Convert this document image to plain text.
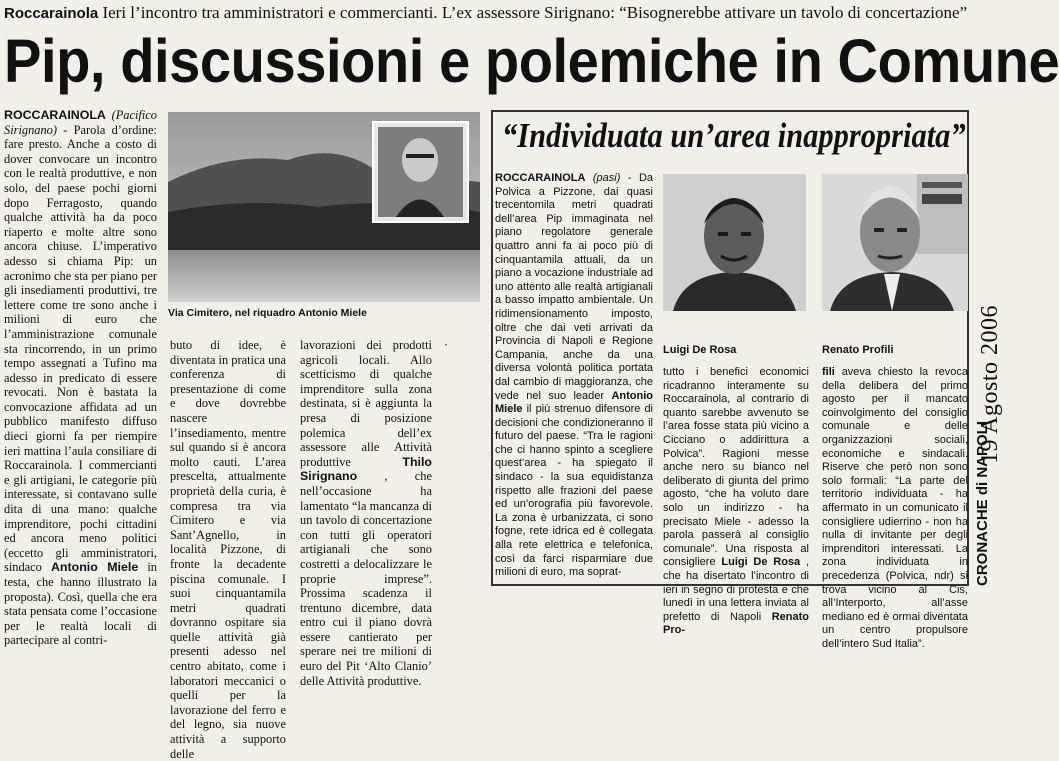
Roccarainola Ieri l’incontro tra amministratori e commercianti. L’ex assessore Sirignano: “Bisognerebbe attivare un tavolo di concertazione”
Pip, discussioni e polemiche in Comune
ROCCARAINOLA (Pacifico Sirignano) - Parola d’ordine: fare presto. Anche a costo di dover convocare un incontro con le realtà produttive, e non solo, del paese pochi giorni dopo Ferragosto, quando qualche attività ha da poco riaperto e molte altre sono ancora chiuse. L’imperativo adesso si chiama Pip: un acronimo che sta per piano per gli insediamenti produttivi, tre lettere come tre sono anche i milioni di euro che l’amministrazione comunale sta rincorrendo, in un primo tempo assegnati a Tufino ma adesso in predicato di essere revocati. Non è bastata la convocazione affidata ad un pubblico manifesto diffuso dieci giorni fa per riempire ieri mattina l’aula consiliare di Roccarainola. I commercianti e gli artigiani, le categorie più interessate, si contavano sulle dita di una mano: qualche imprenditore, pochi cittadini ed ancora meno politici (eccetto gli amministratori, sindaco Antonio Miele in testa, che hanno illustrato la proposta). Così, quella che era stata pensata come l’occasione per le realtà locali di partecipare al contri-
Via Cimitero, nel riquadro Antonio Miele
buto di idee, è diventata in pratica una conferenza di presentazione di come e dove dovrebbe nascere l’insediamento, mentre sul quando si è ancora molto cauti. L’area prescelta, attualmente proprietà della curia, è compresa tra via Cimitero e via Sant’Agnello, in località Pizzone, di fronte la decadente piscina comunale. I suoi cinquantamila metri quadrati dovranno ospitare sia quelle attività già presenti adesso nel centro abitato, come i laboratori meccanici o quelli per la lavorazione del ferro e del legno, sia nuove attività a supporto delle
lavorazioni dei prodotti agricoli locali. Allo scetticismo di qualche imprenditore sulla zona destinata, si è aggiunta la presa di posizione polemica dell’ex assessore alle Attività produttive	Thilo Sirignano , che nell’occasione ha lamentato “la mancanza di un tavolo di concertazione con tutti gli operatori artigianali che sono costretti a delocalizzare le proprie imprese”. Prossima scadenza il trentuno dicembre, data entro cui il piano dovrà essere cantierato per sperare nei tre milioni di euro del Pit ‘Alto Clanio’ delle Attività produttive.
·
“Individuata un’area inappropriata”
ROCCARAINOLA (pasi) - Da Polvica a Pizzone, dai quasi trecentomila metri quadrati dell’area Pip immaginata nel piano regolatore generale quattro anni fa ai poco più di cinquantamila attuali, da un piano a vocazione industriale ad uno attento alle realtà artigianali a basso impatto ambientale. Un ridimensionamento imposto, oltre che dai veti arrivati da Provincia di Napoli e Regione Campania, anche da una diversa volontà politica portata dal cambio di maggioranza, che vede nel suo leader Antonio Miele il più strenuo difensore di decisioni che condizioneranno il futuro del paese. “Tra le ragioni che ci hanno spinto a scegliere quest’area - ha spiegato il sindaco - la sua equidistanza rispetto alle frazioni del paese ed un’orografia più favorevole. La zona è urbanizzata, ci sono fogne, rete idrica ed è collegata alla rete elettrica e telefonica, così da farci risparmiare due milioni di euro, ma soprat-
Luigi De Rosa	Renato Profili
tutto i benefici economici ricadranno interamente su Roccarainola, al contrario di quanto sarebbe avvenuto se l’area fosse stata più vicino a Cicciano o addirittura a Polvica”. Ragioni messe anche nero su bianco nel deliberato di giunta del primo agosto, “che ha voluto dare solo un indirizzo - ha precisato Miele - adesso la parola passerà al consiglio comunale”. Una risposta al consigliere Luigi De Rosa , che ha disertato l’incontro di ieri in segno di protesta e che lunedì in una lettera inviata al prefetto di Napoli Renato Pro-
fili aveva chiesto la revoca della delibera del primo agosto per il mancato coinvolgimento del consiglio comunale e delle organizzazioni sociali, economiche e sindacali. Riserve che però non sono solo formali: “La parte del territorio individuata - ha affermato in un comunicato il consigliere udierrino - non ha nulla di invitante per degli imprenditori interessati. La zona individuata in precedenza (Polvica, ndr) si trova vicino al Cis, all’Interporto, all’asse mediano ed è ormai diventata un centro propulsore dell’intero Sud Italia”.
19 Agosto 2006
CRONACHE di NAPOLI
